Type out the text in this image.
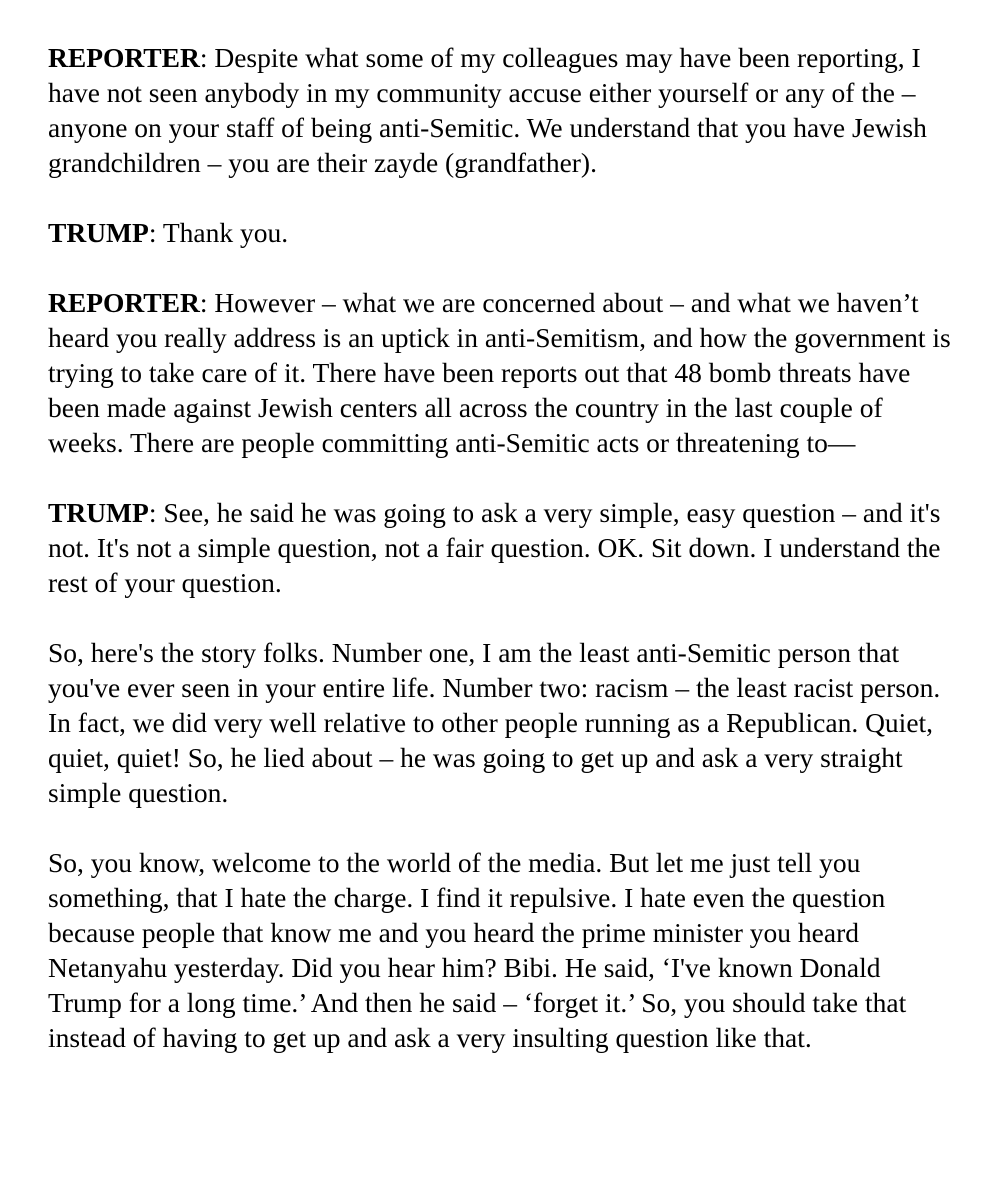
REPORTER: Despite what some of my colleagues may have been reporting, I have not seen anybody in my community accuse either yourself or any of the – anyone on your staff of being anti-Semitic. We understand that you have Jewish grandchildren – you are their zayde (grandfather).

TRUMP: Thank you.

REPORTER: However – what we are concerned about – and what we haven’t heard you really address is an uptick in anti-Semitism, and how the government is trying to take care of it. There have been reports out that 48 bomb threats have been made against Jewish centers all across the country in the last couple of weeks. There are people committing anti-Semitic acts or threatening to—

TRUMP: See, he said he was going to ask a very simple, easy question – and it's not. It's not a simple question, not a fair question. OK. Sit down. I understand the rest of your question.

So, here's the story folks. Number one, I am the least anti-Semitic person that you've ever seen in your entire life. Number two: racism – the least racist person. In fact, we did very well relative to other people running as a Republican. Quiet, quiet, quiet! So, he lied about – he was going to get up and ask a very straight simple question.

So, you know, welcome to the world of the media. But let me just tell you something, that I hate the charge. I find it repulsive. I hate even the question because people that know me and you heard the prime minister you heard Netanyahu yesterday. Did you hear him? Bibi. He said, ‘I've known Donald Trump for a long time.’ And then he said – ‘forget it.’ So, you should take that instead of having to get up and ask a very insulting question like that.
